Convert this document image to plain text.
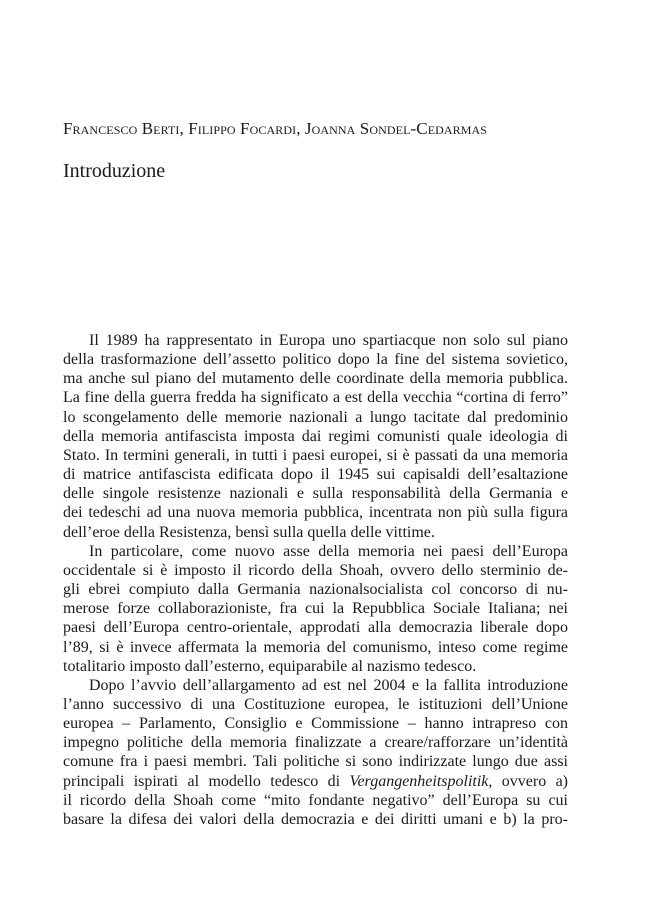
Francesco Berti, Filippo Focardi, Joanna Sondel-Cedarmas
Introduzione
Il 1989 ha rappresentato in Europa uno spartiacque non solo sul piano
della trasformazione dell’assetto politico dopo la fine del sistema sovietico,
ma anche sul piano del mutamento delle coordinate della memoria pubblica.
La fine della guerra fredda ha significato a est della vecchia “cortina di ferro”
lo scongelamento delle memorie nazionali a lungo tacitate dal predominio
della memoria antifascista imposta dai regimi comunisti quale ideologia di
Stato. In termini generali, in tutti i paesi europei, si è passati da una memoria
di matrice antifascista edificata dopo il 1945 sui capisaldi dell’esaltazione
delle singole resistenze nazionali e sulla responsabilità della Germania e
dei tedeschi ad una nuova memoria pubblica, incentrata non più sulla figura
dell’eroe della Resistenza, bensì sulla quella delle vittime.
In particolare, come nuovo asse della memoria nei paesi dell’Europa
occidentale si è imposto il ricordo della Shoah, ovvero dello sterminio de-
gli ebrei compiuto dalla Germania nazionalsocialista col concorso di nu-
merose forze collaborazioniste, fra cui la Repubblica Sociale Italiana; nei
paesi dell’Europa centro-orientale, approdati alla democrazia liberale dopo
l’89, si è invece affermata la memoria del comunismo, inteso come regime
totalitario imposto dall’esterno, equiparabile al nazismo tedesco.
Dopo l’avvio dell’allargamento ad est nel 2004 e la fallita introduzione
l’anno successivo di una Costituzione europea, le istituzioni dell’Unione
europea – Parlamento, Consiglio e Commissione – hanno intrapreso con
impegno politiche della memoria finalizzate a creare/rafforzare un’identità
comune fra i paesi membri. Tali politiche si sono indirizzate lungo due assi
principali ispirati al modello tedesco di Vergangenheitspolitik, ovvero a)
il ricordo della Shoah come “mito fondante negativo” dell’Europa su cui
basare la difesa dei valori della democrazia e dei diritti umani e b) la pro-
